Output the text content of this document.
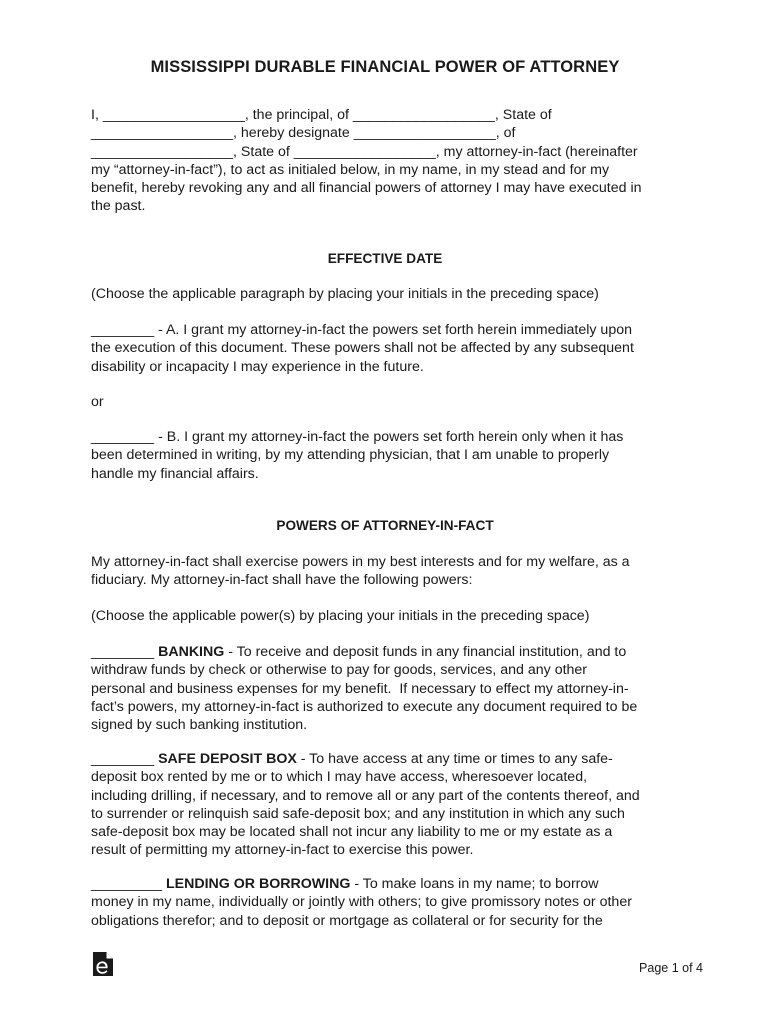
MISSISSIPPI DURABLE FINANCIAL POWER OF ATTORNEY
I, __________________, the principal, of __________________, State of
__________________, hereby designate __________________, of
__________________, State of __________________, my attorney-in-fact (hereinafter
my “attorney-in-fact”), to act as initialed below, in my name, in my stead and for my
benefit, hereby revoking any and all financial powers of attorney I may have executed in
the past.
EFFECTIVE DATE
(Choose the applicable paragraph by placing your initials in the preceding space)
________ - A. I grant my attorney-in-fact the powers set forth herein immediately upon
the execution of this document. These powers shall not be affected by any subsequent
disability or incapacity I may experience in the future.
or
________ - B. I grant my attorney-in-fact the powers set forth herein only when it has
been determined in writing, by my attending physician, that I am unable to properly
handle my financial affairs.
POWERS OF ATTORNEY-IN-FACT
My attorney-in-fact shall exercise powers in my best interests and for my welfare, as a
fiduciary. My attorney-in-fact shall have the following powers:
(Choose the applicable power(s) by placing your initials in the preceding space)
________ BANKING - To receive and deposit funds in any financial institution, and to
withdraw funds by check or otherwise to pay for goods, services, and any other
personal and business expenses for my benefit.  If necessary to effect my attorney-in-
fact’s powers, my attorney-in-fact is authorized to execute any document required to be
signed by such banking institution.
________ SAFE DEPOSIT BOX - To have access at any time or times to any safe-
deposit box rented by me or to which I may have access, wheresoever located,
including drilling, if necessary, and to remove all or any part of the contents thereof, and
to surrender or relinquish said safe-deposit box; and any institution in which any such
safe-deposit box may be located shall not incur any liability to me or my estate as a
result of permitting my attorney-in-fact to exercise this power.
_________ LENDING OR BORROWING - To make loans in my name; to borrow
money in my name, individually or jointly with others; to give promissory notes or other
obligations therefor; and to deposit or mortgage as collateral or for security for the
Page 1 of 4
